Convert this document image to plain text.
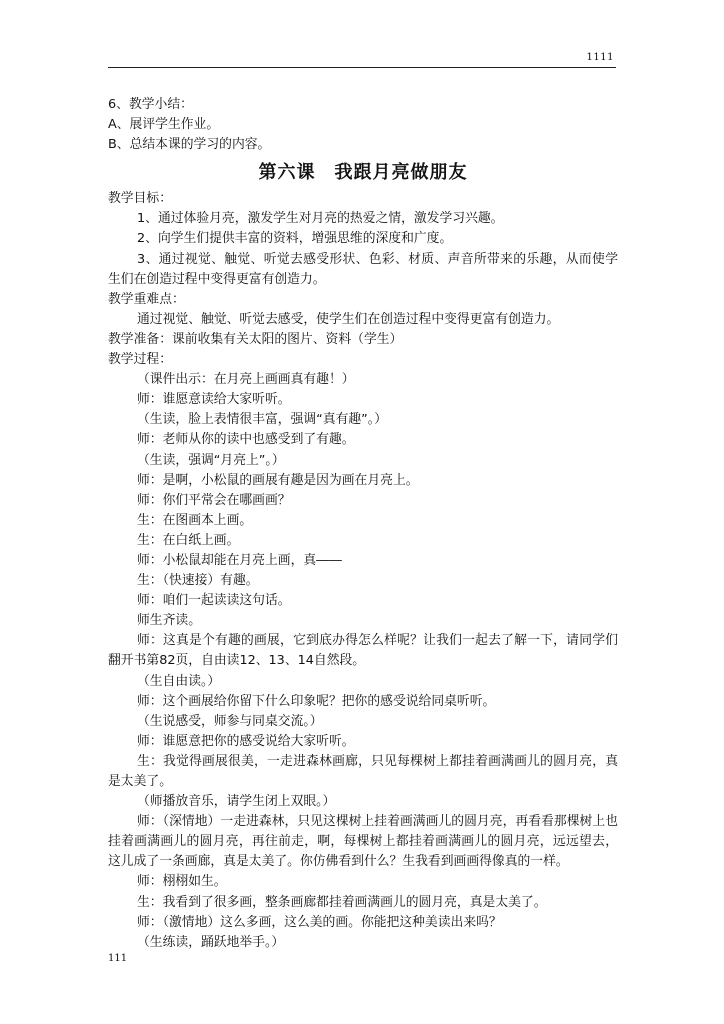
1111

6、教学小结：

A、展评学生作业。

B、总结本课的学习的内容。

第六课　我跟月亮做朋友

教学目标：

1、通过体验月亮，激发学生对月亮的热爱之情，激发学习兴趣。

2、向学生们提供丰富的资料，增强思维的深度和广度。

3、通过视觉、触觉、听觉去感受形状、色彩、材质、声音所带来的乐趣，从而使学生们在创造过程中变得更富有创造力。

教学重难点：

通过视觉、触觉、听觉去感受，使学生们在创造过程中变得更富有创造力。

教学准备：课前收集有关太阳的图片、资料（学生）

教学过程：

（课件出示：在月亮上画画真有趣！）

师：谁愿意读给大家听听。

（生读，脸上表情很丰富，强调“真有趣”。）

师：老师从你的读中也感受到了有趣。

（生读，强调“月亮上”。）

师：是啊，小松鼠的画展有趣是因为画在月亮上。

师：你们平常会在哪画画？

生：在图画本上画。

生：在白纸上画。

师：小松鼠却能在月亮上画，真――

生：（快速接）有趣。

师：咱们一起读读这句话。

师生齐读。

师：这真是个有趣的画展，它到底办得怎么样呢？让我们一起去了解一下，请同学们翻开书第82页，自由读12、13、14自然段。

（生自由读。）

师：这个画展给你留下什么印象呢？把你的感受说给同桌听听。

（生说感受，师参与同桌交流。）

师：谁愿意把你的感受说给大家听听。

生：我觉得画展很美，一走进森林画廊，只见每棵树上都挂着画满画儿的圆月亮，真是太美了。

（师播放音乐，请学生闭上双眼。）

师：（深情地）一走进森林，只见这棵树上挂着画满画儿的圆月亮，再看看那棵树上也挂着画满画儿的圆月亮，再往前走，啊，每棵树上都挂着画满画儿的圆月亮，远远望去，这儿成了一条画廊，真是太美了。你仿佛看到什么？生我看到画画得像真的一样。

师：栩栩如生。

生：我看到了很多画，整条画廊都挂着画满画儿的圆月亮，真是太美了。

师：（激情地）这么多画，这么美的画。你能把这种美读出来吗？

（生练读，踊跃地举手。）

111
